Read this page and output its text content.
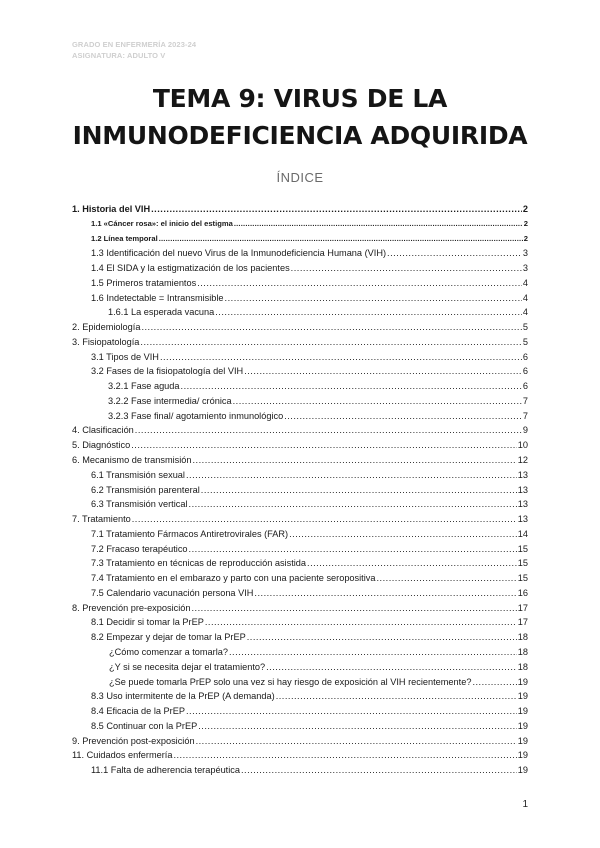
GRADO EN ENFERMERÍA 2023-24
ASIGNATURA: ADULTO V
TEMA 9: VIRUS DE LA
INMUNODEFICIENCIA ADQUIRIDA
ÍNDICE
1. Historia del VIH .....	2
1.1 «Cáncer rosa»: el inicio del estigma .....	2
1.2 Línea temporal .....	2
1.3 Identificación del nuevo Virus de la Inmunodeficiencia Humana (VIH) .....	3
1.4 El SIDA y la estigmatización de los pacientes .....	3
1.5 Primeros tratamientos .....	4
1.6 Indetectable = Intransmisible .....	4
1.6.1 La esperada vacuna .....	4
2. Epidemiología .....	5
3. Fisiopatología .....	5
3.1 Tipos de VIH .....	6
3.2 Fases de la fisiopatología del VIH .....	6
3.2.1 Fase aguda .....	6
3.2.2 Fase intermedia/ crónica .....	7
3.2.3 Fase final/ agotamiento inmunológico .....	7
4. Clasificación .....	9
5. Diagnóstico .....	10
6. Mecanismo de transmisión .....	12
6.1 Transmisión sexual .....	13
6.2 Transmisión parenteral .....	13
6.3 Transmisión vertical .....	13
7. Tratamiento .....	13
7.1 Tratamiento Fármacos Antiretrovirales (FAR) .....	14
7.2 Fracaso terapéutico .....	15
7.3 Tratamiento en técnicas de reproducción asistida .....	15
7.4 Tratamiento en el embarazo y parto con una paciente seropositiva .....	15
7.5 Calendario vacunación persona VIH .....	16
8. Prevención pre-exposición .....	17
8.1 Decidir si tomar la PrEP .....	17
8.2 Empezar y dejar de tomar la PrEP .....	18
¿Cómo comenzar a tomarla? .....	18
¿Y si se necesita dejar el tratamiento? .....	18
¿Se puede tomarla PrEP solo una vez si hay riesgo de exposición al VIH recientemente? .....	19
8.3 Uso intermitente de la PrEP (A demanda) .....	19
8.4 Eficacia de la PrEP .....	19
8.5 Continuar con la PrEP .....	19
9. Prevención post-exposición .....	19
11. Cuidados enfermería .....	19
11.1 Falta de adherencia terapéutica .....	19
1
